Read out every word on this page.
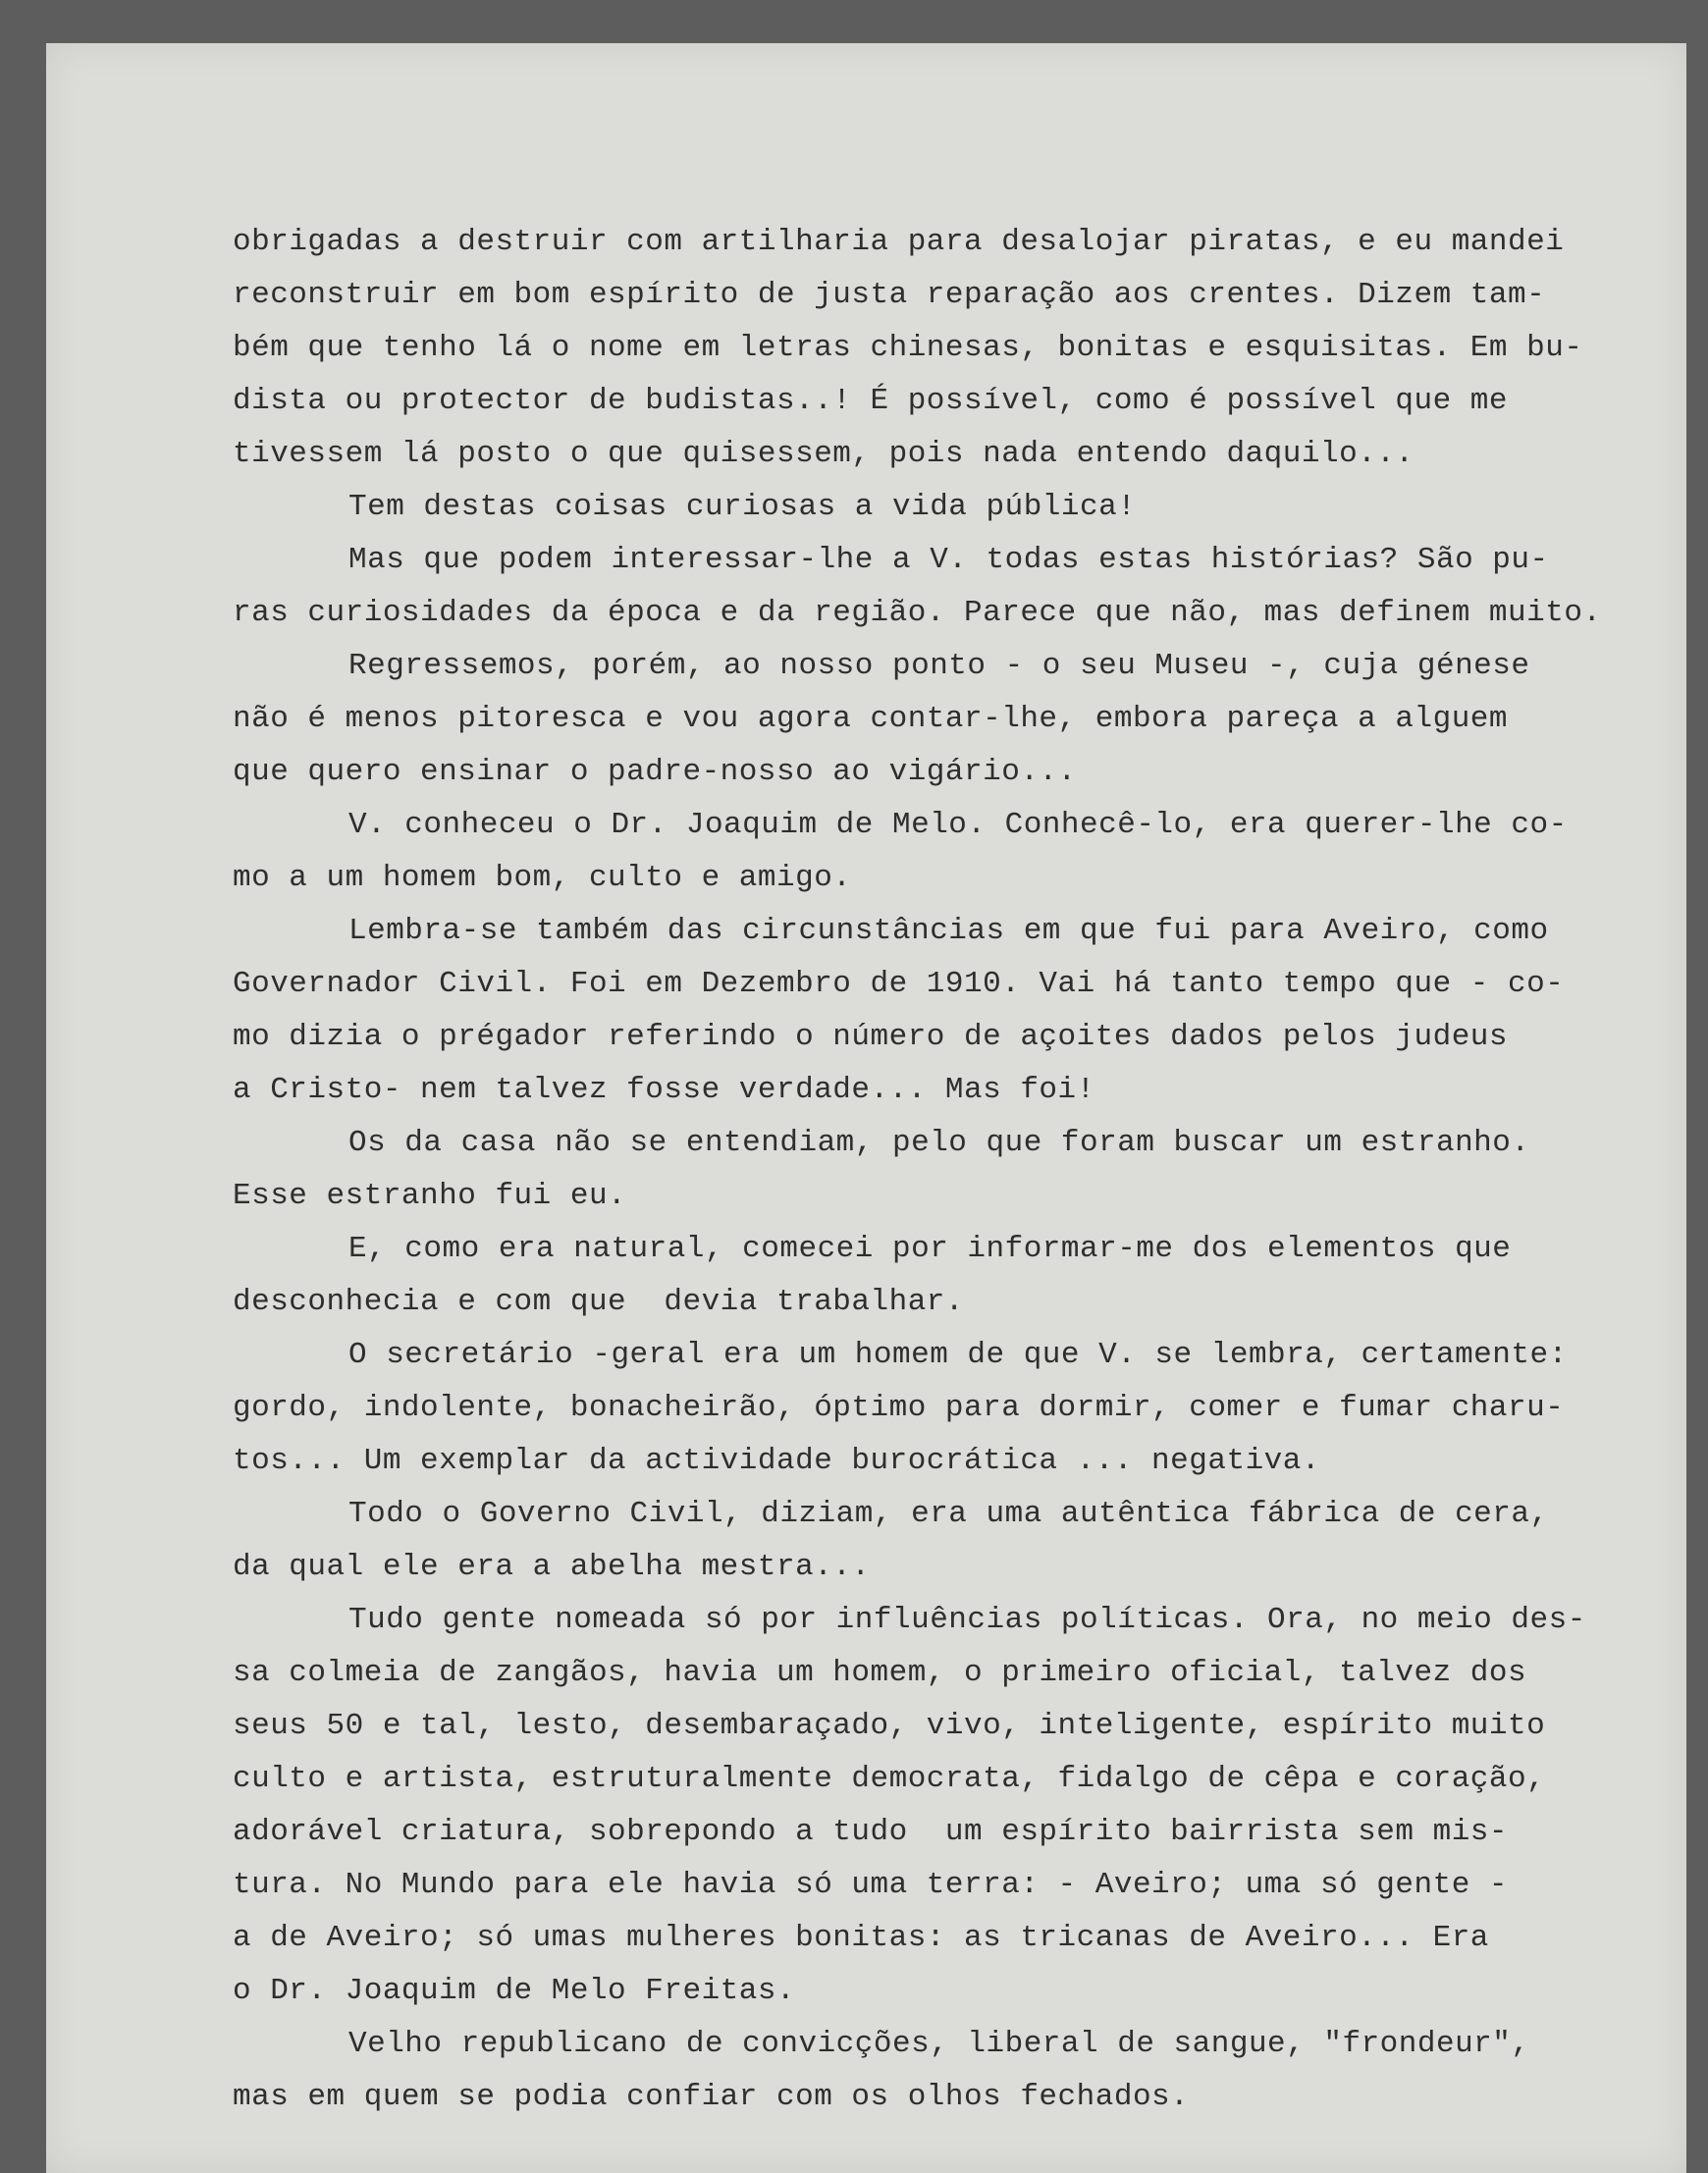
obrigadas a destruir com artilharia para desalojar piratas, e eu mandei
reconstruir em bom espírito de justa reparação aos crentes. Dizem tam-
bém que tenho lá o nome em letras chinesas, bonitas e esquisitas. Em bu-
dista ou protector de budistas..! É possível, como é possível que me
tivessem lá posto o que quisessem, pois nada entendo daquilo...
Tem destas coisas curiosas a vida pública!
Mas que podem interessar-lhe a V. todas estas histórias? São pu-
ras curiosidades da época e da região. Parece que não, mas definem muito.
Regressemos, porém, ao nosso ponto - o seu Museu -, cuja génese
não é menos pitoresca e vou agora contar-lhe, embora pareça a alguem
que quero ensinar o padre-nosso ao vigário...
V. conheceu o Dr. Joaquim de Melo. Conhecê-lo, era querer-lhe co-
mo a um homem bom, culto e amigo.
Lembra-se também das circunstâncias em que fui para Aveiro, como
Governador Civil. Foi em Dezembro de 1910. Vai há tanto tempo que - co-
mo dizia o prégador referindo o número de açoites dados pelos judeus
a Cristo- nem talvez fosse verdade... Mas foi!
Os da casa não se entendiam, pelo que foram buscar um estranho.
Esse estranho fui eu.
E, como era natural, comecei por informar-me dos elementos que
desconhecia e com que  devia trabalhar.
O secretário -geral era um homem de que V. se lembra, certamente:
gordo, indolente, bonacheirão, óptimo para dormir, comer e fumar charu-
tos... Um exemplar da actividade burocrática ... negativa.
Todo o Governo Civil, diziam, era uma autêntica fábrica de cera,
da qual ele era a abelha mestra...
Tudo gente nomeada só por influências políticas. Ora, no meio des-
sa colmeia de zangãos, havia um homem, o primeiro oficial, talvez dos
seus 50 e tal, lesto, desembaraçado, vivo, inteligente, espírito muito
culto e artista, estruturalmente democrata, fidalgo de cêpa e coração,
adorável criatura, sobrepondo a tudo  um espírito bairrista sem mis-
tura. No Mundo para ele havia só uma terra: - Aveiro; uma só gente -
a de Aveiro; só umas mulheres bonitas: as tricanas de Aveiro... Era
o Dr. Joaquim de Melo Freitas.
Velho republicano de convicções, liberal de sangue, "frondeur",
mas em quem se podia confiar com os olhos fechados.
